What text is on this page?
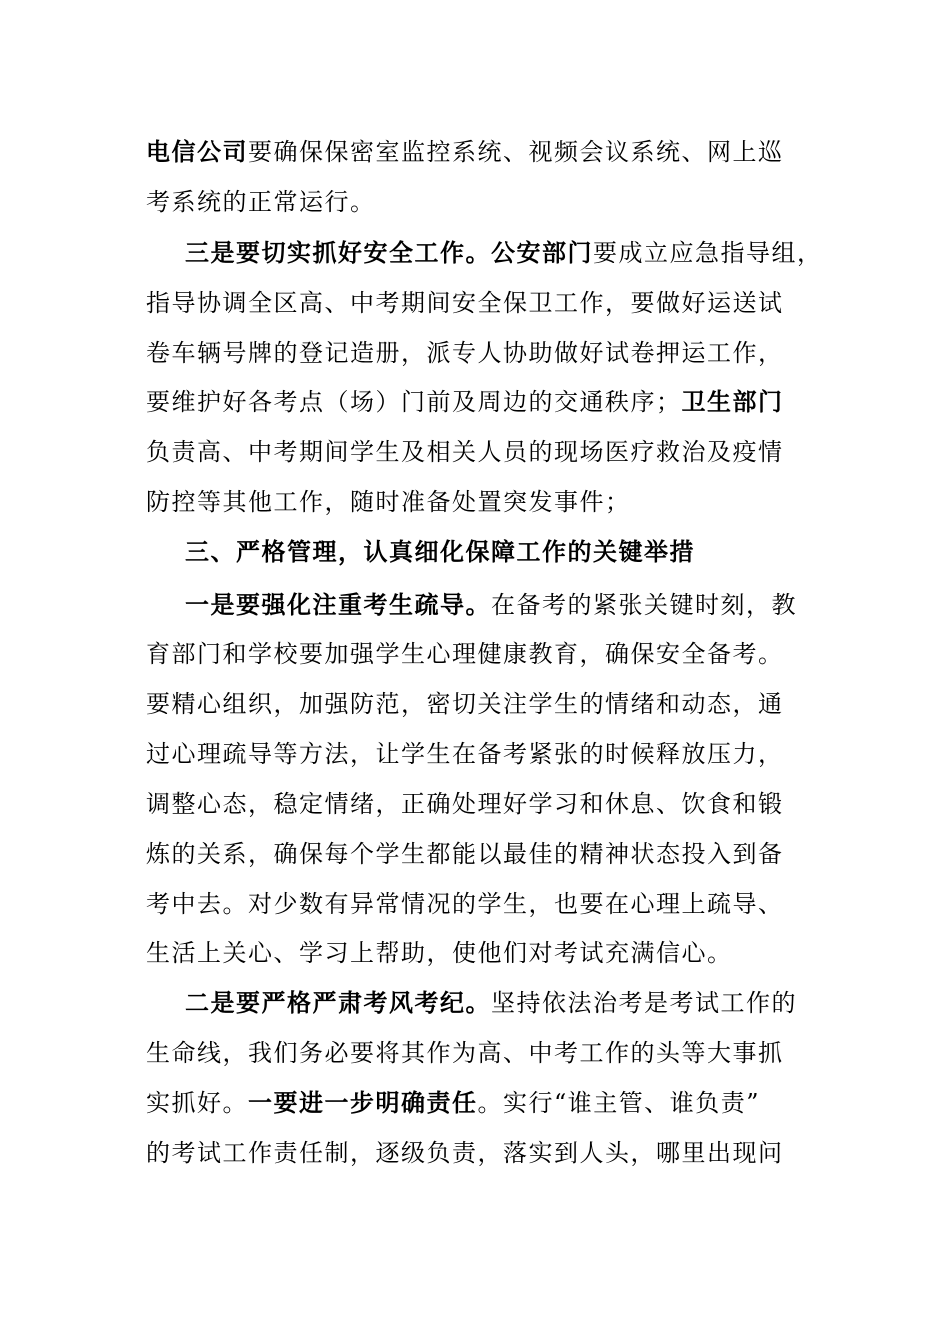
电信公司要确保保密室监控系统、视频会议系统、网上巡
考系统的正常运行。
三是要切实抓好安全工作。公安部门要成立应急指导组，
指导协调全区高、中考期间安全保卫工作，要做好运送试
卷车辆号牌的登记造册，派专人协助做好试卷押运工作，
要维护好各考点（场）门前及周边的交通秩序；卫生部门
负责高、中考期间学生及相关人员的现场医疗救治及疫情
防控等其他工作，随时准备处置突发事件；
三、严格管理，认真细化保障工作的关键举措
一是要强化注重考生疏导。在备考的紧张关键时刻，教
育部门和学校要加强学生心理健康教育，确保安全备考。
要精心组织，加强防范，密切关注学生的情绪和动态，通
过心理疏导等方法，让学生在备考紧张的时候释放压力，
调整心态，稳定情绪，正确处理好学习和休息、饮食和锻
炼的关系，确保每个学生都能以最佳的精神状态投入到备
考中去。对少数有异常情况的学生，也要在心理上疏导、
生活上关心、学习上帮助，使他们对考试充满信心。
二是要严格严肃考风考纪。坚持依法治考是考试工作的
生命线，我们务必要将其作为高、中考工作的头等大事抓
实抓好。一要进一步明确责任。实行“谁主管、谁负责”
的考试工作责任制，逐级负责，落实到人头，哪里出现问
